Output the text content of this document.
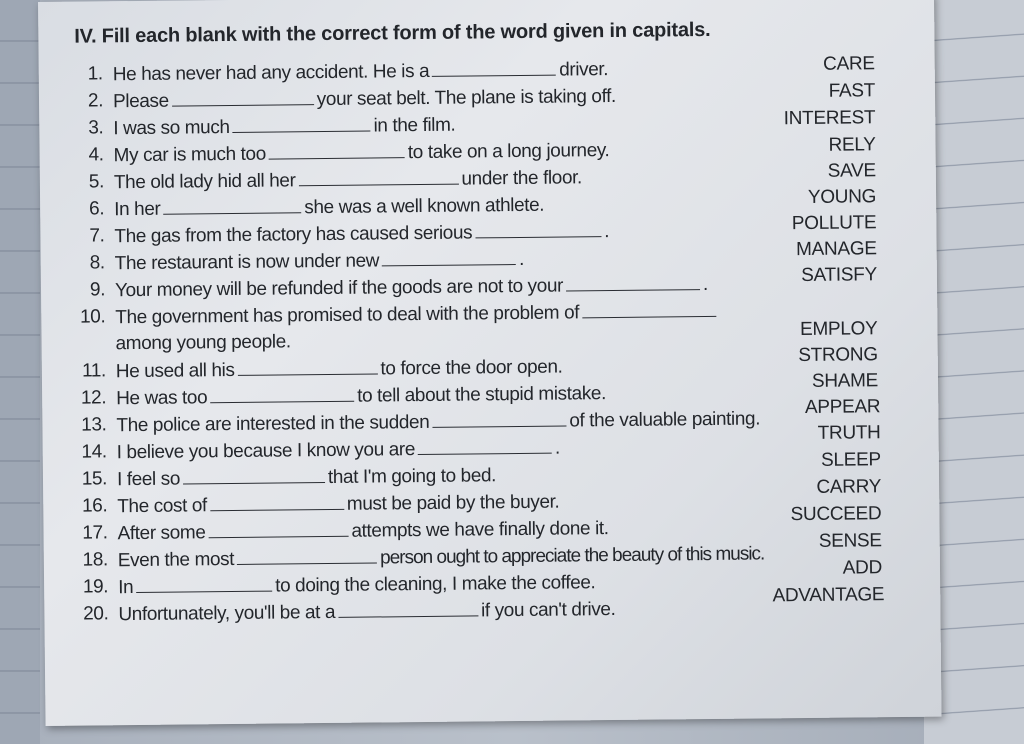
IV. Fill each blank with the correct form of the word given in capitals.
1. He has never had any accident. He is a	driver.
2. Please	your seat belt. The plane is taking off.
3. I was so much	in the film.
4. My car is much too	to take on a long journey.
5. The old lady hid all her	under the floor.
6. In her	she was a well known athlete.
7. The gas from the factory has caused serious	.
8. The restaurant is now under new	.
9. Your money will be refunded if the goods are not to your	.
10. The government has promised to deal with the problem of
among young people.
11. He used all his	to force the door open.
12. He was too	to tell about the stupid mistake.
13. The police are interested in the sudden	of the valuable painting.
14. I believe you because I know you are	.
15. I feel so	that I'm going to bed.
16. The cost of	must be paid by the buyer.
17. After some	attempts we have finally done it.
18. Even the most	person ought to appreciate the beauty of this music.
19. In	to doing the cleaning, I make the coffee.
20. Unfortunately, you'll be at a	if you can't drive.
CARE
FAST
INTEREST
RELY
SAVE
YOUNG
POLLUTE
MANAGE
SATISFY
EMPLOY
STRONG
SHAME
APPEAR
TRUTH
SLEEP
CARRY
SUCCEED
SENSE
ADD
ADVANTAGE
